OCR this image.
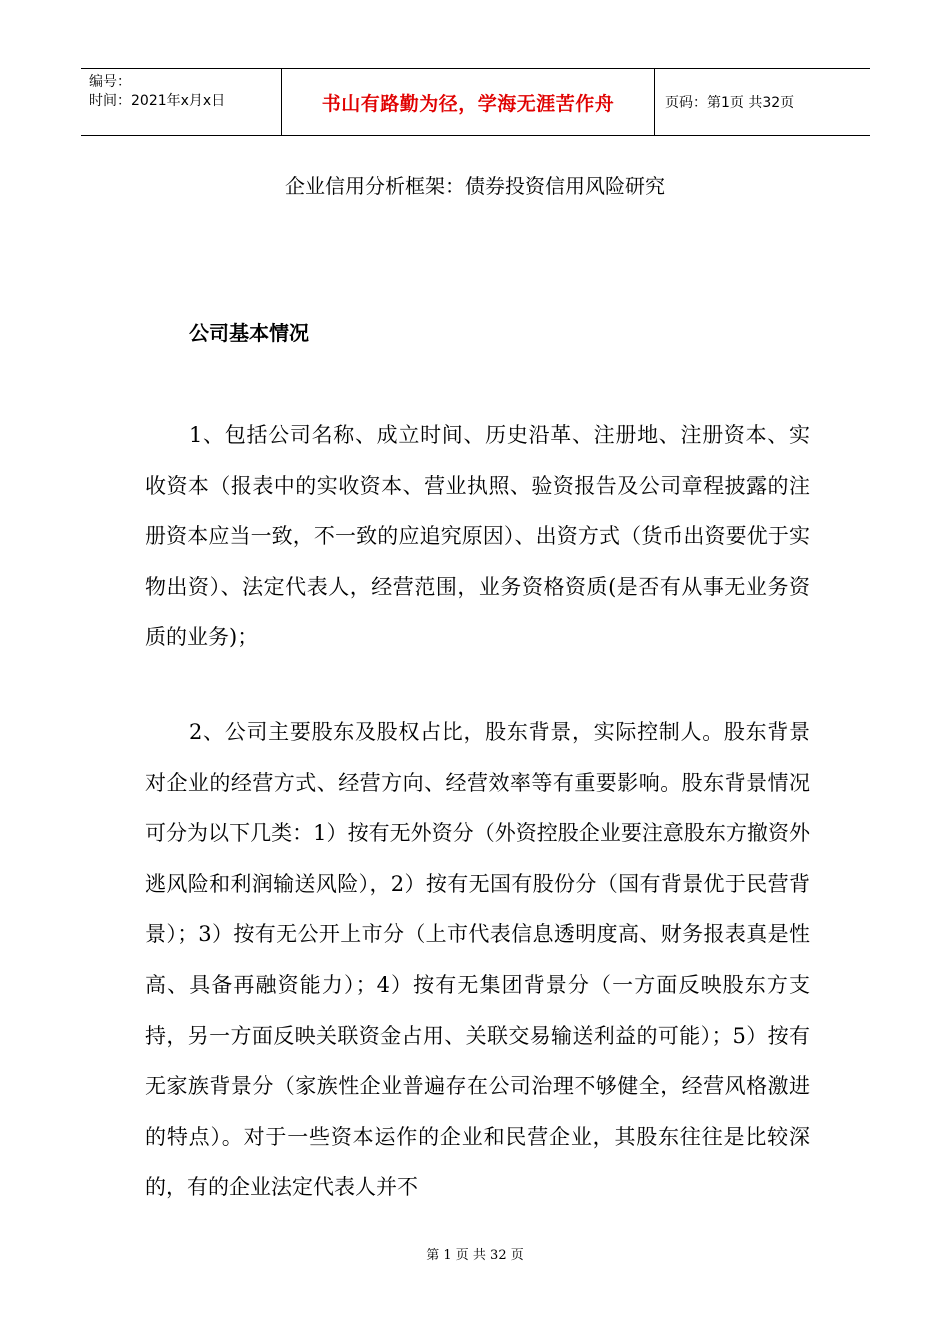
编号：
时间：2021年x月x日	书山有路勤为径，学海无涯苦作舟	页码：第1页 共32页
企业信用分析框架：债券投资信用风险研究
公司基本情况

1、包括公司名称、成立时间、历史沿革、注册地、注册资本、实收资本（报表中的实收资本、营业执照、验资报告及公司章程披露的注册资本应当一致，不一致的应追究原因）、出资方式（货币出资要优于实物出资）、法定代表人，经营范围，业务资格资质(是否有从事无业务资质的业务)；

2、公司主要股东及股权占比，股东背景，实际控制人。股东背景对企业的经营方式、经营方向、经营效率等有重要影响。股东背景情况可分为以下几类：1）按有无外资分（外资控股企业要注意股东方撤资外逃风险和利润输送风险），2）按有无国有股份分（国有背景优于民营背景）；3）按有无公开上市分（上市代表信息透明度高、财务报表真是性高、具备再融资能力）；4）按有无集团背景分（一方面反映股东方支持，另一方面反映关联资金占用、关联交易输送利益的可能）；5）按有无家族背景分（家族性企业普遍存在公司治理不够健全，经营风格激进的特点）。对于一些资本运作的企业和民营企业，其股东往往是比较深的，有的企业法定代表人并不

第 1 页 共 32 页
